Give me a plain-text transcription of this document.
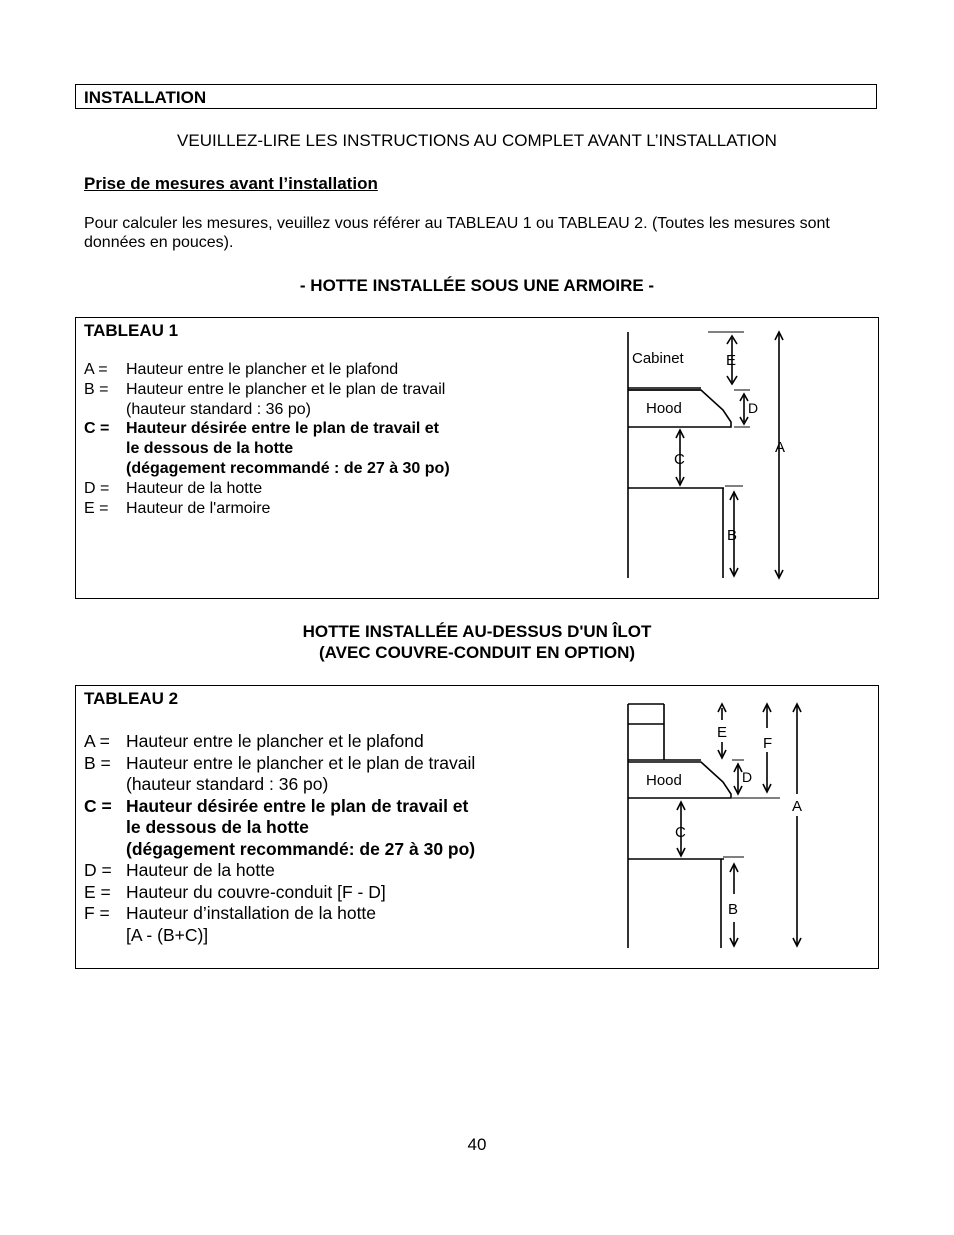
INSTALLATION
VEUILLEZ-LIRE LES INSTRUCTIONS AU COMPLET AVANT L’INSTALLATION
Prise de mesures avant l’installation
Pour calculer les mesures, veuillez vous référer au TABLEAU 1 ou TABLEAU 2. (Toutes les mesures sont données en pouces).
- HOTTE INSTALLÉE SOUS UNE ARMOIRE -
TABLEAU 1
A = Hauteur entre le plancher et le plafond
B = Hauteur entre le plancher et le plan de travail
(hauteur standard : 36 po)
C = Hauteur désirée entre le plan de travail et
le dessous de la hotte
(dégagement recommandé : de 27 à 30 po)
D = Hauteur de la hotte
E = Hauteur de l'armoire
Cabinet
Hood
E
D
C
A
B
HOTTE INSTALLÉE AU-DESSUS D'UN ÎLOT
(AVEC COUVRE-CONDUIT EN OPTION)
TABLEAU 2
A = Hauteur entre le plancher et le plafond
B = Hauteur entre le plancher et le plan de travail
(hauteur standard : 36 po)
C = Hauteur désirée entre le plan de travail et
le dessous de la hotte
(dégagement recommandé: de 27 à 30 po)
D = Hauteur de la hotte
E = Hauteur du couvre-conduit [F - D]
F = Hauteur d’installation de la hotte
[A - (B+C)]
Hood
E
F
D
C
A
B
40
